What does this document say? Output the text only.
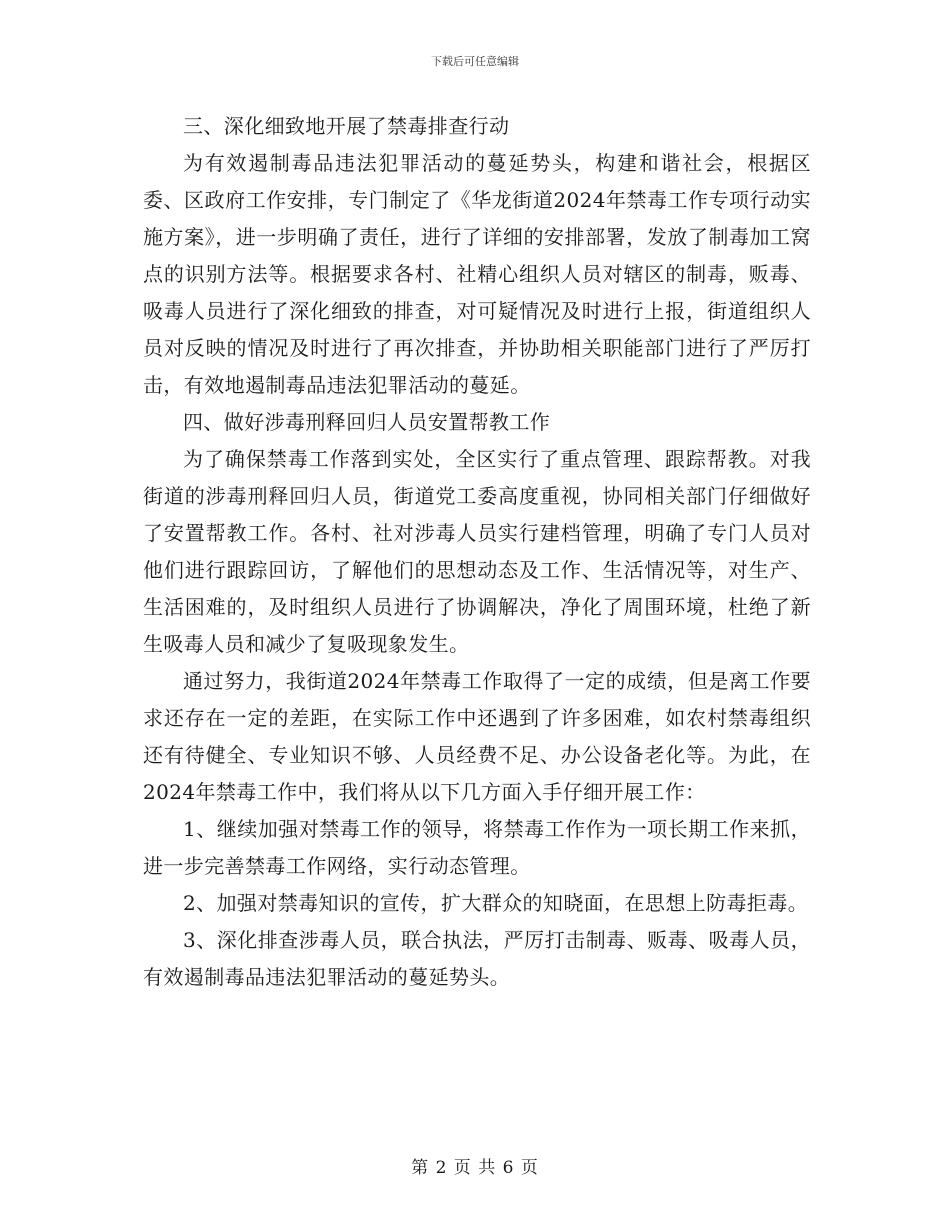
下载后可任意编辑

三、深化细致地开展了禁毒排查行动

为有效遏制毒品违法犯罪活动的蔓延势头，构建和谐社会，根据区委、区政府工作安排，专门制定了《华龙街道2024年禁毒工作专项行动实施方案》，进一步明确了责任，进行了详细的安排部署，发放了制毒加工窝点的识别方法等。根据要求各村、社精心组织人员对辖区的制毒，贩毒、吸毒人员进行了深化细致的排查，对可疑情况及时进行上报，街道组织人员对反映的情况及时进行了再次排查，并协助相关职能部门进行了严厉打击，有效地遏制毒品违法犯罪活动的蔓延。

四、做好涉毒刑释回归人员安置帮教工作

为了确保禁毒工作落到实处，全区实行了重点管理、跟踪帮教。对我街道的涉毒刑释回归人员，街道党工委高度重视，协同相关部门仔细做好了安置帮教工作。各村、社对涉毒人员实行建档管理，明确了专门人员对他们进行跟踪回访，了解他们的思想动态及工作、生活情况等，对生产、生活困难的，及时组织人员进行了协调解决，净化了周围环境，杜绝了新生吸毒人员和减少了复吸现象发生。

通过努力，我街道2024年禁毒工作取得了一定的成绩，但是离工作要求还存在一定的差距，在实际工作中还遇到了许多困难，如农村禁毒组织还有待健全、专业知识不够、人员经费不足、办公设备老化等。为此，在2024年禁毒工作中，我们将从以下几方面入手仔细开展工作：

1、继续加强对禁毒工作的领导，将禁毒工作作为一项长期工作来抓，进一步完善禁毒工作网络，实行动态管理。

2、加强对禁毒知识的宣传，扩大群众的知晓面，在思想上防毒拒毒。

3、深化排查涉毒人员，联合执法，严厉打击制毒、贩毒、吸毒人员，有效遏制毒品违法犯罪活动的蔓延势头。

第 2 页 共 6 页
